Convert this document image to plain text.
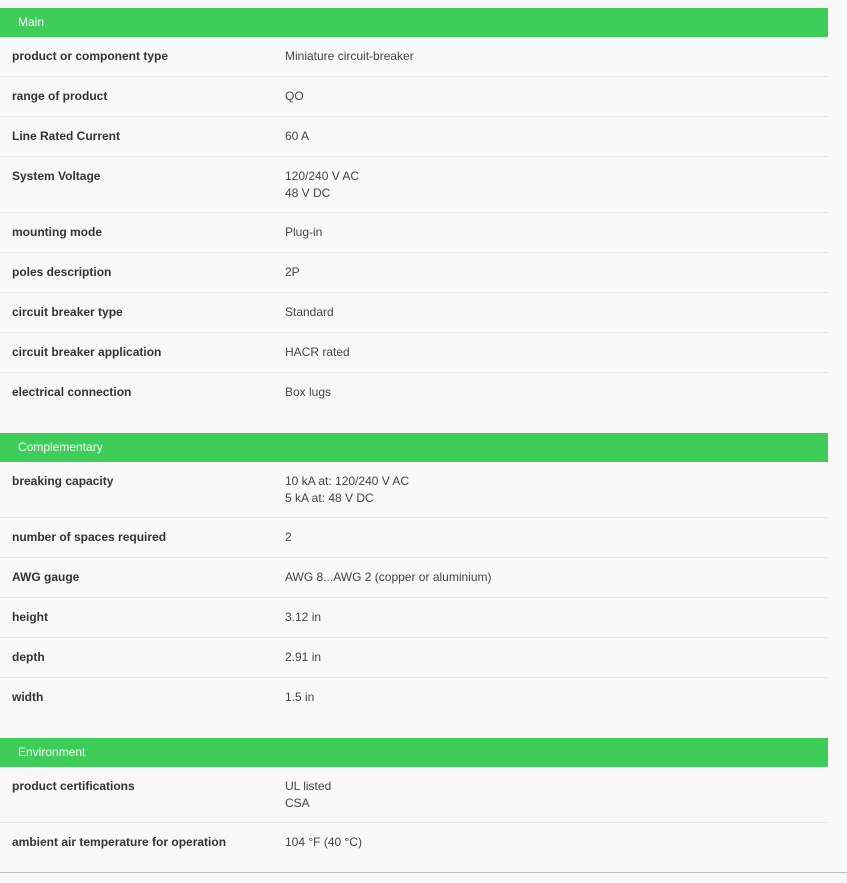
Main
product or component type	Miniature circuit-breaker
range of product	QO
Line Rated Current	60 A
System Voltage	120/240 V AC
48 V DC
mounting mode	Plug-in
poles description	2P
circuit breaker type	Standard
circuit breaker application	HACR rated
electrical connection	Box lugs
Complementary
breaking capacity	10 kA at: 120/240 V AC
5 kA at: 48 V DC
number of spaces required	2
AWG gauge	AWG 8...AWG 2 (copper or aluminium)
height	3.12 in
depth	2.91 in
width	1.5 in
Environment
product certifications	UL listed
CSA
ambient air temperature for operation	104 °F (40 °C)
